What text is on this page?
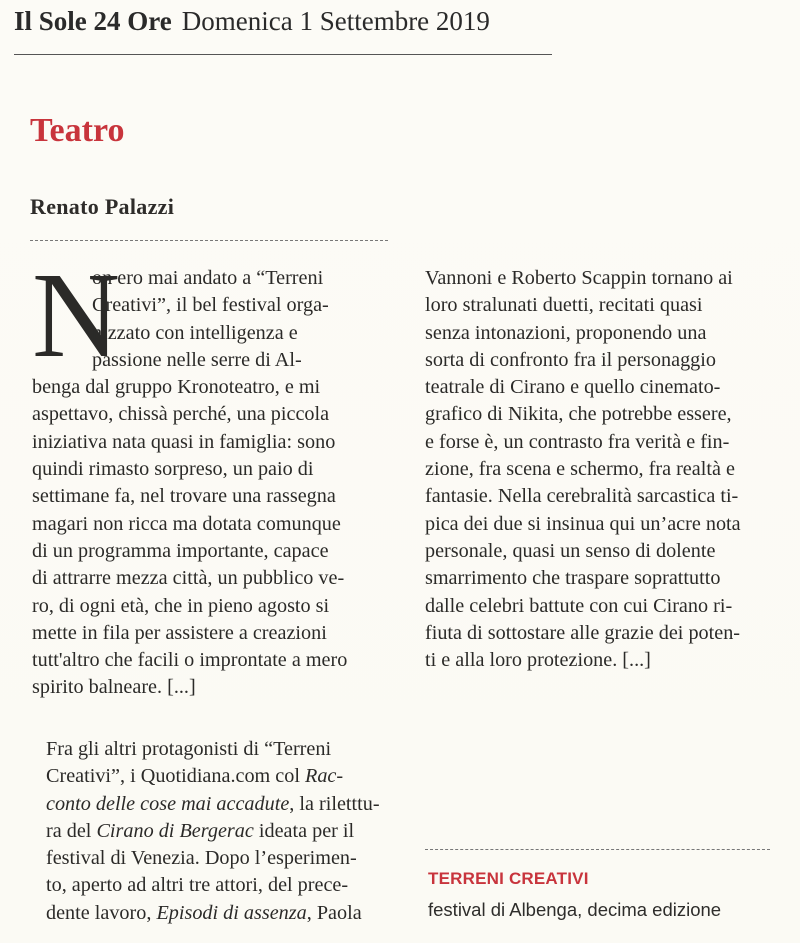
Il Sole 24 Ore Domenica 1 Settembre 2019
Teatro
Renato Palazzi
N
on ero mai andato a “Terreni
Creativi”, il bel festival orga-
nizzato con intelligenza e
passione nelle serre di Al-
benga dal gruppo Kronoteatro, e mi
aspettavo, chissà perché, una piccola
iniziativa nata quasi in famiglia: sono
quindi rimasto sorpreso, un paio di
settimane fa, nel trovare una rassegna
magari non ricca ma dotata comunque
di un programma importante, capace
di attrarre mezza città, un pubblico ve-
ro, di ogni età, che in pieno agosto si
mette in fila per assistere a creazioni
tutt'altro che facili o improntate a mero
spirito balneare. [...]
Fra gli altri protagonisti di “Terreni
Creativi”, i Quotidiana.com col Rac-
conto delle cose mai accadute, la riletttu-
ra del Cirano di Bergerac ideata per il
festival di Venezia. Dopo l’esperimen-
to, aperto ad altri tre attori, del prece-
dente lavoro, Episodi di assenza, Paola
Vannoni e Roberto Scappin tornano ai
loro stralunati duetti, recitati quasi
senza intonazioni, proponendo una
sorta di confronto fra il personaggio
teatrale di Cirano e quello cinemato-
grafico di Nikita, che potrebbe essere,
e forse è, un contrasto fra verità e fin-
zione, fra scena e schermo, fra realtà e
fantasie. Nella cerebralità sarcastica ti-
pica dei due si insinua qui un’acre nota
personale, quasi un senso di dolente
smarrimento che traspare soprattutto
dalle celebri battute con cui Cirano ri-
fiuta di sottostare alle grazie dei poten-
ti e alla loro protezione. [...]
TERRENI CREATIVI
festival di Albenga, decima edizione
